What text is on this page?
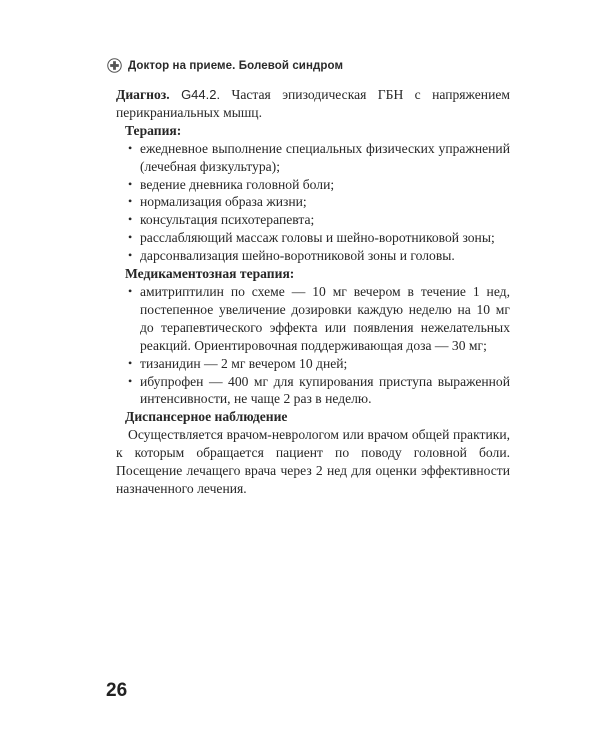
Доктор на приеме. Болевой синдром

Диагноз. G44.2. Частая эпизодическая ГБН с напряжением перикраниальных мышц.

Терапия:

• ежедневное выполнение специальных физических упражнений (лечебная физкультура);
• ведение дневника головной боли;
• нормализация образа жизни;
• консультация психотерапевта;
• расслабляющий массаж головы и шейно-воротниковой зоны;
• дарсонвализация шейно-воротниковой зоны и головы.

Медикаментозная терапия:

• амитриптилин по схеме — 10 мг вечером в течение 1 нед, постепенное увеличение дозировки каждую неделю на 10 мг до терапевтического эффекта или появления нежелательных реакций. Ориентировочная поддерживающая доза — 30 мг;
• тизанидин — 2 мг вечером 10 дней;
• ибупрофен — 400 мг для купирования приступа выраженной интенсивности, не чаще 2 раз в неделю.

Диспансерное наблюдение

Осуществляется врачом-неврологом или врачом общей практики, к которым обращается пациент по поводу головной боли. Посещение лечащего врача через 2 нед для оценки эффективности назначенного лечения.

26
